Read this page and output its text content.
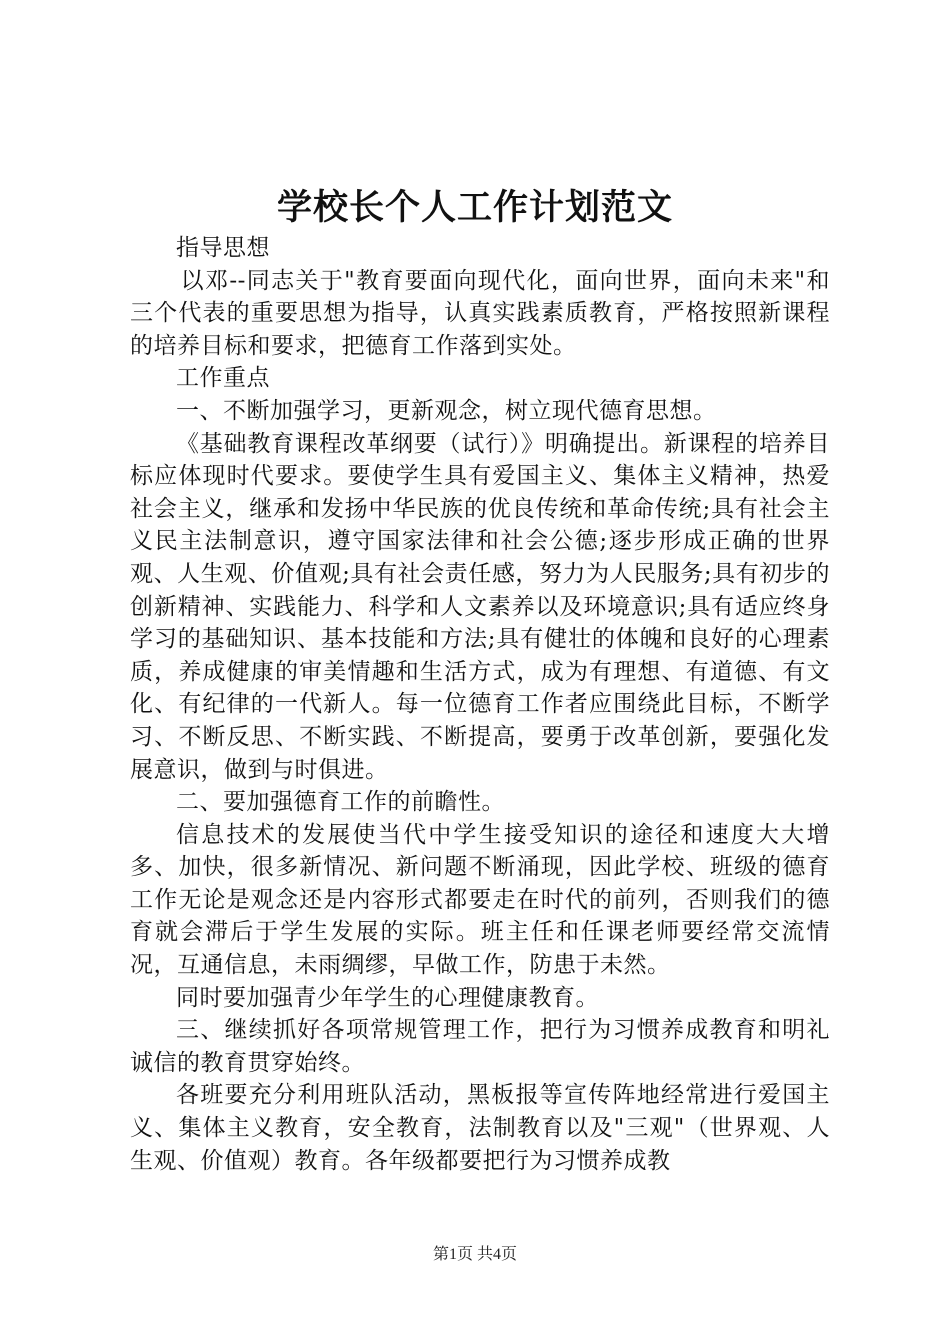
学校长个人工作计划范文

指导思想

以邓--同志关于"教育要面向现代化，面向世界，面向未来"和三个代表的重要思想为指导，认真实践素质教育，严格按照新课程的培养目标和要求，把德育工作落到实处。

工作重点

一、不断加强学习，更新观念，树立现代德育思想。

《基础教育课程改革纲要（试行）》明确提出。新课程的培养目标应体现时代要求。要使学生具有爱国主义、集体主义精神，热爱社会主义，继承和发扬中华民族的优良传统和革命传统;具有社会主义民主法制意识，遵守国家法律和社会公德;逐步形成正确的世界观、人生观、价值观;具有社会责任感，努力为人民服务;具有初步的创新精神、实践能力、科学和人文素养以及环境意识;具有适应终身学习的基础知识、基本技能和方法;具有健壮的体魄和良好的心理素质，养成健康的审美情趣和生活方式，成为有理想、有道德、有文化、有纪律的一代新人。每一位德育工作者应围绕此目标，不断学习、不断反思、不断实践、不断提高，要勇于改革创新，要强化发展意识，做到与时俱进。

二、要加强德育工作的前瞻性。

信息技术的发展使当代中学生接受知识的途径和速度大大增多、加快，很多新情况、新问题不断涌现，因此学校、班级的德育工作无论是观念还是内容形式都要走在时代的前列，否则我们的德育就会滞后于学生发展的实际。班主任和任课老师要经常交流情况，互通信息，未雨绸缪，早做工作，防患于未然。

同时要加强青少年学生的心理健康教育。

三、继续抓好各项常规管理工作，把行为习惯养成教育和明礼诚信的教育贯穿始终。

各班要充分利用班队活动，黑板报等宣传阵地经常进行爱国主义、集体主义教育，安全教育，法制教育以及"三观"（世界观、人生观、价值观）教育。各年级都要把行为习惯养成教

第1页 共4页
